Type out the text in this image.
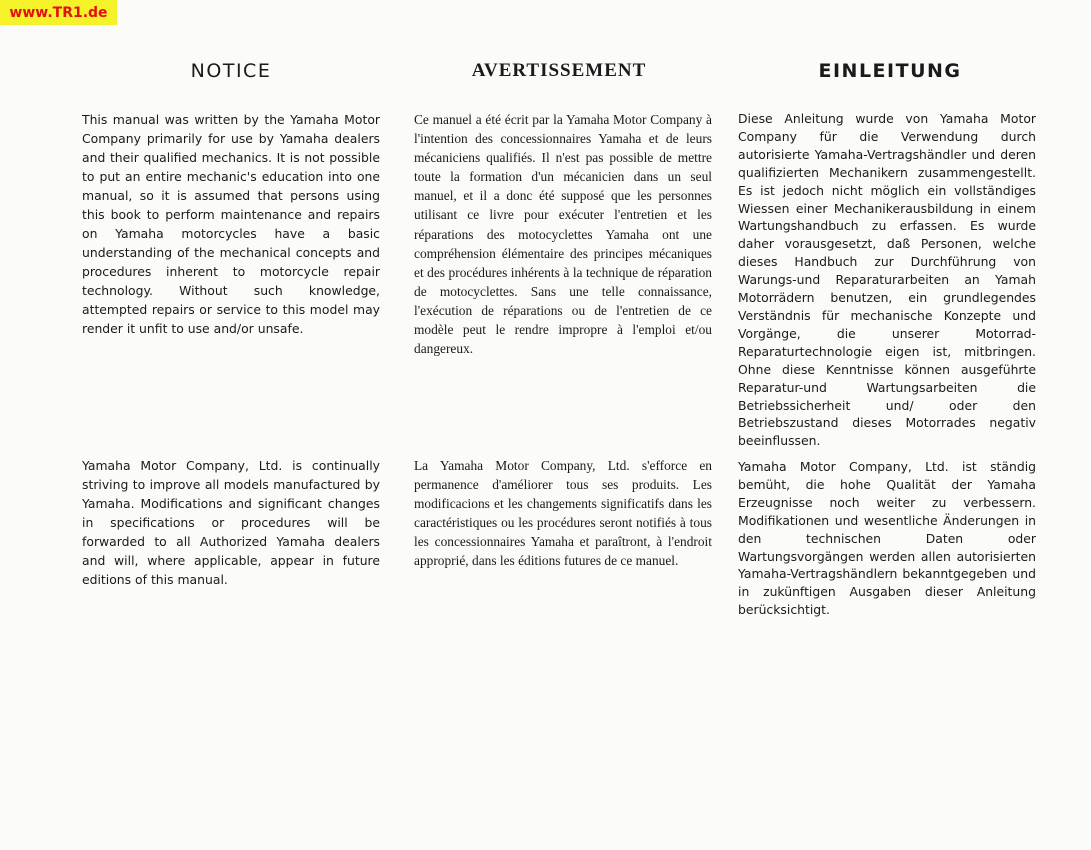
www.TR1.de
NOTICE	AVERTISSEMENT	EINLEITUNG

This manual was written by the Yamaha Motor Company primarily for use by Yamaha dealers and their qualified mechanics. It is not possible to put an entire mechanic's education into one manual, so it is assumed that persons using this book to perform maintenance and repairs on Yamaha motorcycles have a basic understanding of the mechanical concepts and procedures inherent to motorcycle repair technology. Without such knowledge, attempted repairs or service to this model may render it unfit to use and/or unsafe.

Yamaha Motor Company, Ltd. is continually striving to improve all models manufactured by Yamaha. Modifications and significant changes in specifications or procedures will be forwarded to all Authorized Yamaha dealers and will, where applicable, appear in future editions of this manual.

Ce manuel a été écrit par la Yamaha Motor Company à l'intention des concessionnaires Yamaha et de leurs mécaniciens qualifiés. Il n'est pas possible de mettre toute la formation d'un mécanicien dans un seul manuel, et il a donc été supposé que les personnes utilisant ce livre pour exécuter l'entretien et les réparations des motocyclettes Yamaha ont une compréhension élémentaire des principes mécaniques et des procédures inhérents à la technique de réparation de motocyclettes. Sans une telle connaissance, l'exécution de réparations ou de l'entretien de ce modèle peut le rendre impropre à l'emploi et/ou dangereux.

La Yamaha Motor Company, Ltd. s'efforce en permanence d'améliorer tous ses produits. Les modificacions et les changements significatifs dans les caractéristiques ou les procédures seront notifiés à tous les concessionnaires Yamaha et paraîtront, à l'endroit approprié, dans les éditions futures de ce manuel.

Diese Anleitung wurde von Yamaha Motor Company für die Verwendung durch autorisierte Yamaha-Vertragshändler und deren qualifizierten Mechanikern zusammengestellt. Es ist jedoch nicht möglich ein vollständiges Wiessen einer Mechanikerausbildung in einem Wartungshandbuch zu erfassen. Es wurde daher vorausgesetzt, daß Personen, welche dieses Handbuch zur Durchführung von Warungs-und Reparaturarbeiten an Yamah Motorrädern benutzen, ein grundlegendes Verständnis für mechanische Konzepte und Vorgänge, die unserer Motorrad-Reparaturtechnologie eigen ist, mitbringen. Ohne diese Kenntnisse können ausgeführte Reparatur-und Wartungsarbeiten die Betriebssicherheit und/ oder den Betriebszustand dieses Motorrades negativ beeinflussen.

Yamaha Motor Company, Ltd. ist ständig bemüht, die hohe Qualität der Yamaha Erzeugnisse noch weiter zu verbessern. Modifikationen und wesentliche Änderungen in den technischen Daten oder Wartungsvorgängen werden allen autorisierten Yamaha-Vertragshändlern bekanntgegeben und in zukünftigen Ausgaben dieser Anleitung berücksichtigt.
